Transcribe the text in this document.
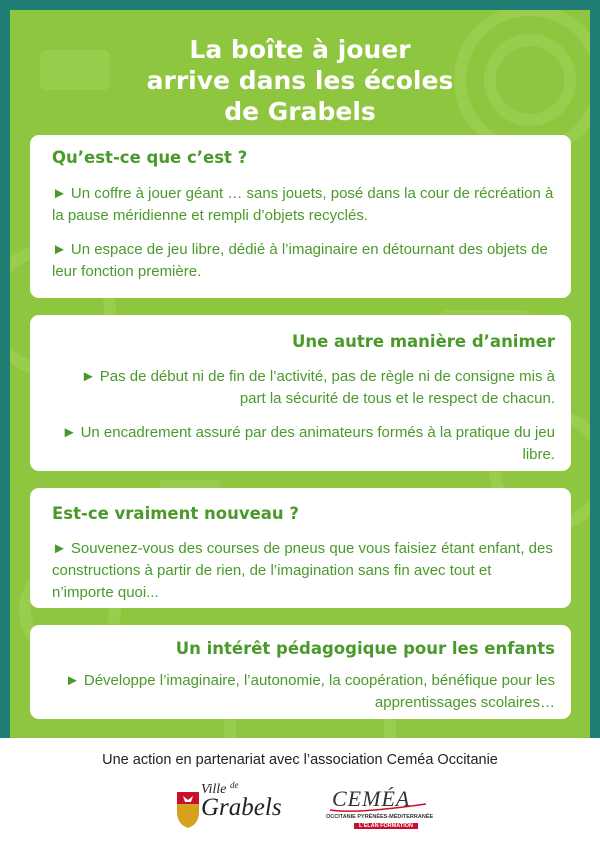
La boîte à jouer
arrive dans les écoles
de Grabels
Qu’est-ce que c’est ?

► Un coffre à jouer géant … sans jouets, posé dans la cour de récréation à la pause méridienne et rempli d’objets recyclés.

► Un espace de jeu libre, dédié à l’imaginaire en détournant des objets de leur fonction première.

Une autre manière d’animer

► Pas de début ni de fin de l’activité, pas de règle ni de consigne mis à part la sécurité de tous et le respect de chacun.

► Un encadrement assuré par des animateurs formés à la pratique du jeu libre.

Est-ce vraiment nouveau ?

► Souvenez-vous des courses de pneus que vous faisiez étant enfant, des constructions à partir de rien, de l’imagination sans fin avec tout et n’importe quoi...

Un intérêt pédagogique pour les enfants

► Développe l’imaginaire, l’autonomie, la coopération, bénéfique pour les apprentissages scolaires…

Une action en partenariat avec l’association Ceméa Occitanie

Ville de
Grabels CEMÉA
OCCITANIE PYRÉNÉES-MÉDITERRANÉE
L’ÉLAN FORMATION
